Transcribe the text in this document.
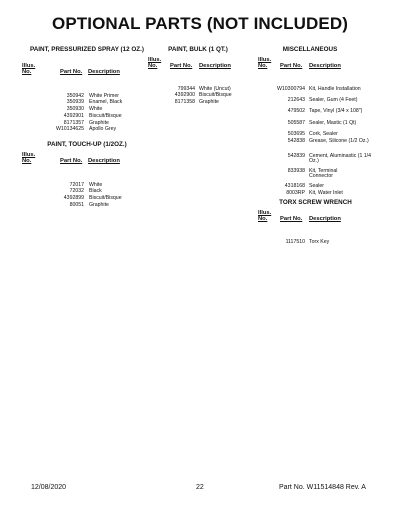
OPTIONAL PARTS (NOT INCLUDED)
PAINT, PRESSURIZED SPRAY (12 OZ.)
Illus.
No.	Part No. Description
350942 White Primer
350939 Enamel, Black
350930 White
4392901 Biscuit/Bisque
8171357 Graphite
W10134625 Apollo Grey
PAINT, TOUCH-UP (1/2OZ.)
Illus.
No.	Part No. Description
72017 White
72032 Black
4392899 Biscuit/Bisque
80051 Graphite
PAINT, BULK (1 QT.)
Illus.
No.	Part No. Description
799344 White (Uncut)
4392900 Biscuit/Bisque
8171358 Graphite
MISCELLANEOUS
Illus.
No.	Part No. Description
W10300794 Kit, Handle Installation
212643 Sealer, Gum (4 Feet)
479502 Tape, Vinyl (3/4 x 108")
505587 Sealer, Mastic (1 Qt)
503695 Cork, Sealer
542838 Grease, Silicone (1/2 Oz.)
542839 Cement, Aluminastic (1 1/4 Oz.)
833938 Kit, Terminal Connector
4318168 Sealer
8003RP Kit, Water Inlet
TORX SCREW WRENCH
Illus.
No.	Part No. Description
1117510 Torx Key
12/08/2020	22	Part No. W11514848 Rev. A
